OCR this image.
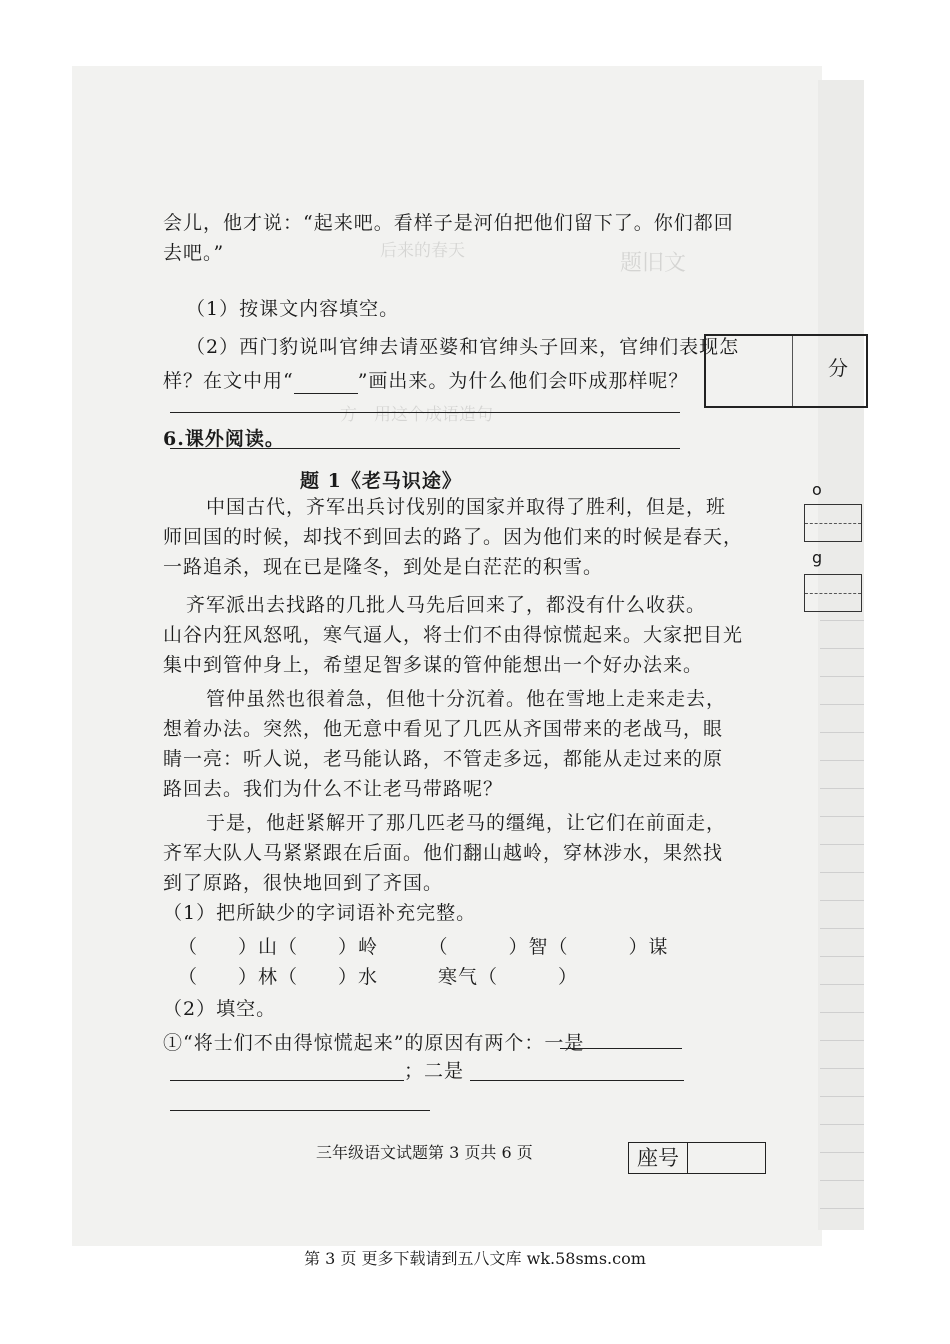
后来的春天	题旧文
方　用这个成语造句

分
o
g
会儿，他才说：“起来吧。看样子是河伯把他们留下了。你们都回
去吧。”
（1）按课文内容填空。
（2）西门豹说叫官绅去请巫婆和官绅头子回来，官绅们表现怎
样？在文中用“	”画出来。为什么他们会吓成那样呢？
6.课外阅读。
题 1《老马识途》
中国古代，齐军出兵讨伐别的国家并取得了胜利，但是，班
师回国的时候，却找不到回去的路了。因为他们来的时候是春天，
一路追杀，现在已是隆冬，到处是白茫茫的积雪。
齐军派出去找路的几批人马先后回来了，都没有什么收获。
山谷内狂风怒吼，寒气逼人，将士们不由得惊慌起来。大家把目光
集中到管仲身上，希望足智多谋的管仲能想出一个好办法来。
管仲虽然也很着急，但他十分沉着。他在雪地上走来走去，
想着办法。突然，他无意中看见了几匹从齐国带来的老战马，眼
睛一亮：听人说，老马能认路，不管走多远，都能从走过来的原
路回去。我们为什么不让老马带路呢？
于是，他赶紧解开了那几匹老马的缰绳，让它们在前面走，
齐军大队人马紧紧跟在后面。他们翻山越岭，穿林涉水，果然找
到了原路，很快地回到了齐国。
（1）把所缺少的字词语补充完整。
（　　）山（　　）岭　　　（　　　）智（　　　）谋
（　　）林（　　）水　　　寒气（　　　）
（2）填空。
①“将士们不由得惊慌起来”的原因有两个：一是
；二是
三年级语文试题第 3 页共 6 页	座号
第 3 页 更多下载请到五八文库 wk.58sms.com
